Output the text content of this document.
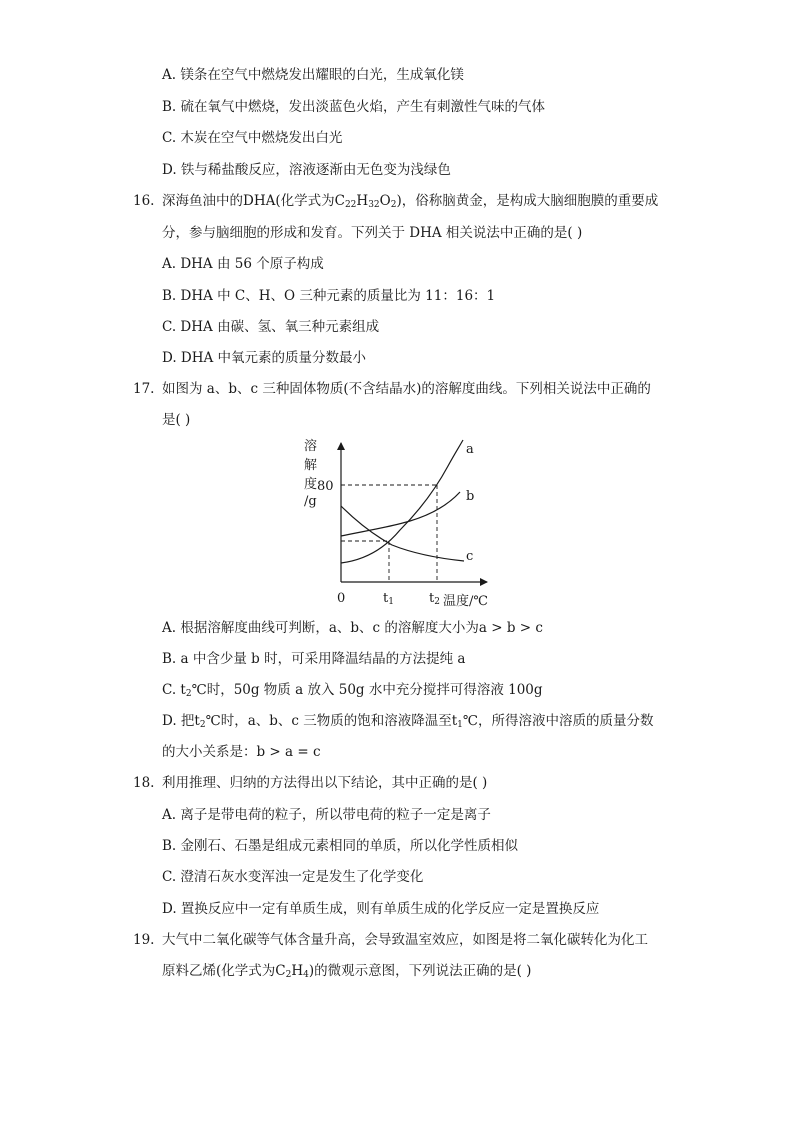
A. 镁条在空气中燃烧发出耀眼的白光，生成氧化镁
B. 硫在氧气中燃烧，发出淡蓝色火焰，产生有刺激性气味的气体
C. 木炭在空气中燃烧发出白光
D. 铁与稀盐酸反应，溶液逐渐由无色变为浅绿色
16. 深海鱼油中的DHA(化学式为$C_{22}H_{32}O_2$)，俗称脑黄金，是构成大脑细胞膜的重要成
分，参与脑细胞的形成和发育。下列关于 DHA 相关说法中正确的是( )
A. DHA 由 56 个原子构成
B. DHA 中 C、H、O 三种元素的质量比为 11：16：1
C. DHA 由碳、氢、氧三种元素组成
D. DHA 中氧元素的质量分数最小
17. 如图为 a、b、c 三种固体物质(不含结晶水)的溶解度曲线。下列相关说法中正确的
是( )
溶
解
度
/g
80
0	t1	t2 温度/℃
a
b
c
A. 根据溶解度曲线可判断，a、b、c 的溶解度大小为a > b > c
B. a 中含少量 b 时，可采用降温结晶的方法提纯 a
C. $t_2℃$时，50g 物质 a 放入 50g 水中充分搅拌可得溶液 100g
D. 把$t_2℃$时，a、b、c 三物质的饱和溶液降温至$t_1℃$，所得溶液中溶质的质量分数
的大小关系是：b > a = c
18. 利用推理、归纳的方法得出以下结论，其中正确的是( )
A. 离子是带电荷的粒子，所以带电荷的粒子一定是离子
B. 金刚石、石墨是组成元素相同的单质，所以化学性质相似
C. 澄清石灰水变浑浊一定是发生了化学变化
D. 置换反应中一定有单质生成，则有单质生成的化学反应一定是置换反应
19. 大气中二氧化碳等气体含量升高，会导致温室效应，如图是将二氧化碳转化为化工
原料乙烯(化学式为$C_2H_4$)的微观示意图，下列说法正确的是( )
